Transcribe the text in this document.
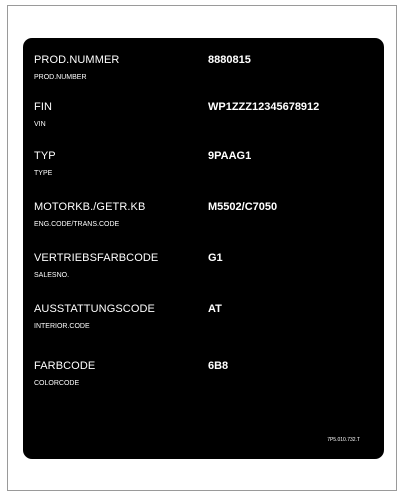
PROD.NUMMER
PROD.NUMBER
8880815
FIN
VIN
WP1ZZZ12345678912
TYP
TYPE
9PAAG1
MOTORKB./GETR.KB
ENG.CODE/TRANS.CODE
M5502/C7050
VERTRIEBSFARBCODE
SALESNO.
G1
AUSSTATTUNGSCODE
INTERIOR.CODE
AT
FARBCODE
COLORCODE
6B8
7P5.010.732.T
